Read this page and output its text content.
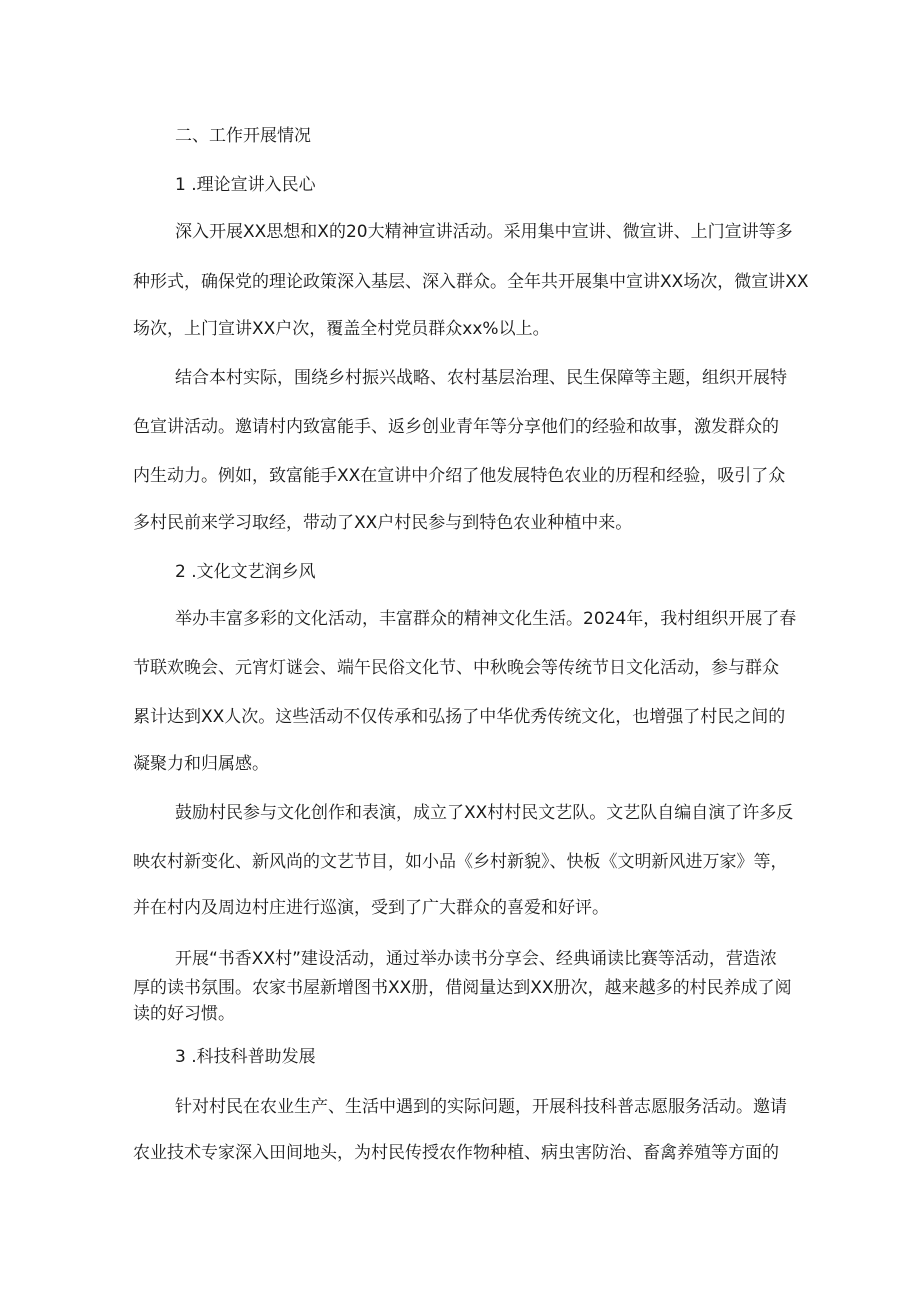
二、工作开展情况

1 .理论宣讲入民心

深入开展XX思想和X的20大精神宣讲活动。采用集中宣讲、微宣讲、上门宣讲等多

种形式，确保党的理论政策深入基层、深入群众。全年共开展集中宣讲XX场次，微宣讲XX

场次，上门宣讲XX户次，覆盖全村党员群众xx%以上。

结合本村实际，围绕乡村振兴战略、农村基层治理、民生保障等主题，组织开展特

色宣讲活动。邀请村内致富能手、返乡创业青年等分享他们的经验和故事，激发群众的

内生动力。例如，致富能手XX在宣讲中介绍了他发展特色农业的历程和经验，吸引了众

多村民前来学习取经，带动了XX户村民参与到特色农业种植中来。

2 .文化文艺润乡风

举办丰富多彩的文化活动，丰富群众的精神文化生活。2024年，我村组织开展了春

节联欢晚会、元宵灯谜会、端午民俗文化节、中秋晚会等传统节日文化活动，参与群众

累计达到XX人次。这些活动不仅传承和弘扬了中华优秀传统文化，也增强了村民之间的

凝聚力和归属感。

鼓励村民参与文化创作和表演，成立了XX村村民文艺队。文艺队自编自演了许多反

映农村新变化、新风尚的文艺节目，如小品《乡村新貌》、快板《文明新风进万家》等，

并在村内及周边村庄进行巡演，受到了广大群众的喜爱和好评。

开展“书香XX村”建设活动，通过举办读书分享会、经典诵读比赛等活动，营造浓

厚的读书氛围。农家书屋新增图书XX册，借阅量达到XX册次，越来越多的村民养成了阅

读的好习惯。

3 .科技科普助发展

针对村民在农业生产、生活中遇到的实际问题，开展科技科普志愿服务活动。邀请

农业技术专家深入田间地头，为村民传授农作物种植、病虫害防治、畜禽养殖等方面的
